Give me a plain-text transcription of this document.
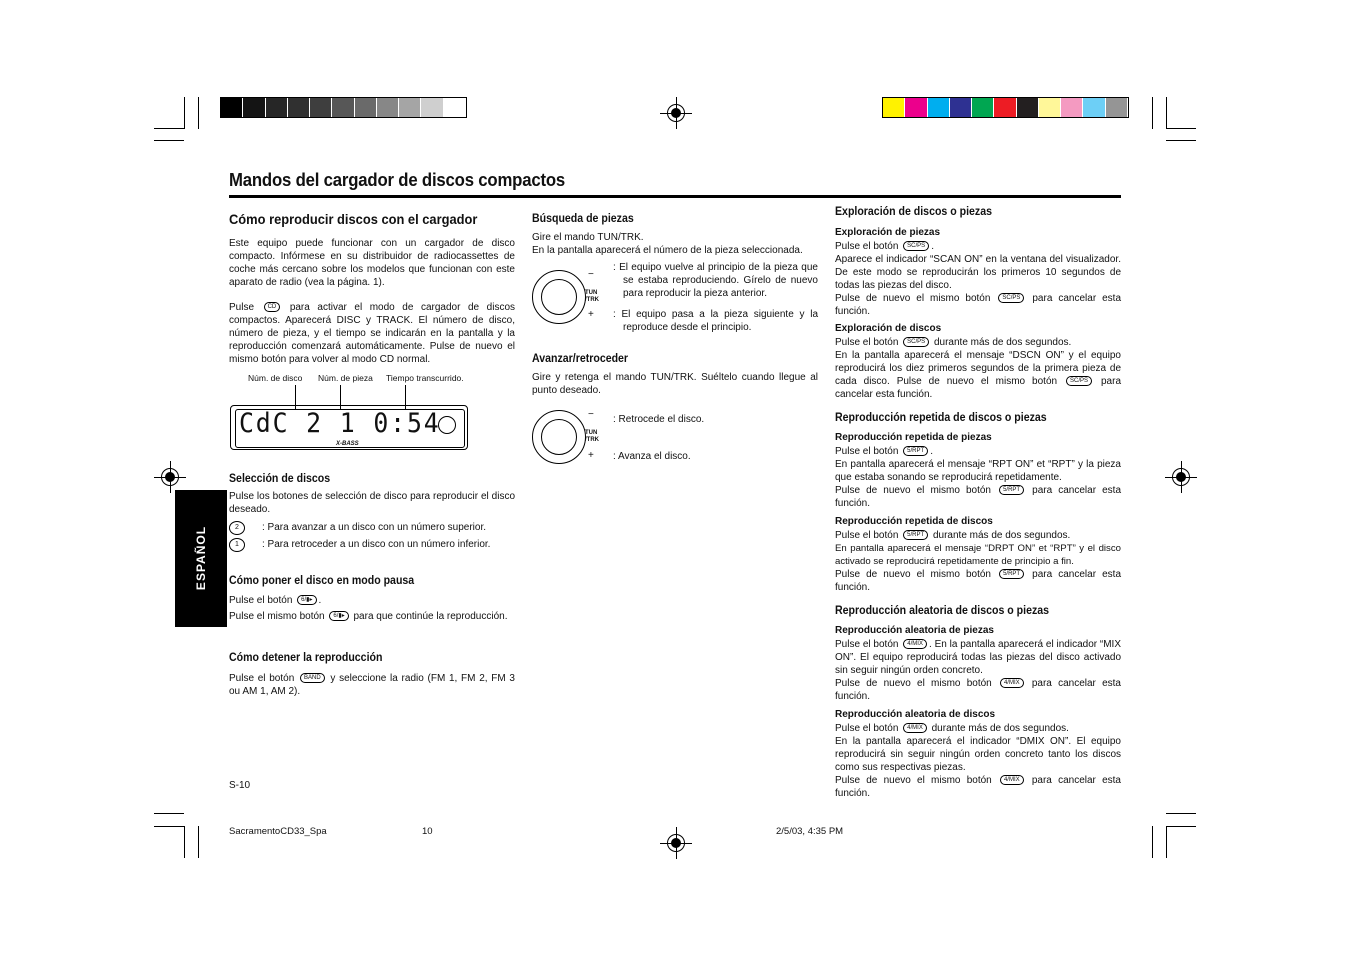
Mandos del cargador de discos compactos
ESPAÑOL
Cómo reproducir discos con el cargador
Este equipo puede funcionar con un cargador de disco compacto. Infórmese en su distribuidor de radiocassettes de coche más cercano sobre los modelos que funcionan con este aparato de radio (vea la página. 1).
Pulse CD para activar el modo de cargador de discos compactos. Aparecerá DISC y TRACK. El número de disco, número de pieza, y el tiempo se indicarán en la pantalla y la reproducción comenzará automáticamente. Pulse de nuevo el mismo botón para volver al modo CD normal.
Núm. de disco Núm. de pieza Tiempo transcurrido.
CdC 2 1 0:54
X-BASS
Selección de discos
Pulse los botones de selección de disco para reproducir el disco deseado.
2	: Para avanzar a un disco con un número superior.
1	: Para retroceder a un disco con un número inferior.
Cómo poner el disco en modo pausa
Pulse el botón 6/▮▸ .
Pulse el mismo botón 6/▮▸ para que continúe la reproducción.
Cómo detener la reproducción
Pulse el botón BAND y seleccione la radio (FM 1, FM 2, FM 3 ou AM 1, AM 2).
S-10
Búsqueda de piezas
Gire el mando TUN/TRK.
En la pantalla aparecerá el número de la pieza seleccionada.
TUN /TRK
−
+
: El equipo vuelve al principio de la pieza que se estaba reproduciendo. Gírelo de nuevo para reproducir la pieza anterior.
: El equipo pasa a la pieza siguiente y la reproduce desde el principio.
Avanzar/retroceder
Gire y retenga el mando TUN/TRK. Suéltelo cuando llegue al punto deseado.
TUN /TRK
−
+
: Retrocede el disco.
: Avanza el disco.
Exploración de discos o piezas
Exploración de piezas
Pulse el botón SC/PS .
Aparece el indicador “SCAN ON” en la ventana del visualizador. De este modo se reproducirán los primeros 10 segundos de todas las piezas del disco.
Pulse de nuevo el mismo botón SC/PS para cancelar esta función.
Exploración de discos
Pulse el botón SC/PS durante más de dos segundos.
En la pantalla aparecerá el mensaje “DSCN ON” y el equipo reproducirá los diez primeros segundos de la primera pieza de cada disco. Pulse de nuevo el mismo botón SC/PS para cancelar esta función.
Reproducción repetida de discos o piezas
Reproducción repetida de piezas
Pulse el botón 5/RPT .
En pantalla aparecerá el mensaje “RPT ON” et “RPT” y la pieza que estaba sonando se reproducirá repetidamente.
Pulse de nuevo el mismo botón 5/RPT para cancelar esta función.
Reproducción repetida de discos
Pulse el botón 5/RPT durante más de dos segundos.
En pantalla aparecerá el mensaje “DRPT ON” et “RPT” y el disco activado se reproducirá repetidamente de principio a fin.
Pulse de nuevo el mismo botón 5/RPT para cancelar esta función.
Reproducción aleatoria de discos o piezas
Reproducción aleatoria de piezas
Pulse el botón 4/MIX . En la pantalla aparecerá el indicador “MIX ON”. El equipo reproducirá todas las piezas del disco activado sin seguir ningún orden concreto.
Pulse de nuevo el mismo botón 4/MIX para cancelar esta función.
Reproducción aleatoria de discos
Pulse el botón 4/MIX durante más de dos segundos.
En la pantalla aparecerá el indicador “DMIX ON”. El equipo reproducirá sin seguir ningún orden concreto tanto los discos como sus respectivas piezas.
Pulse de nuevo el mismo botón 4/MIX para cancelar esta función.
SacramentoCD33_Spa	10	2/5/03, 4:35 PM
